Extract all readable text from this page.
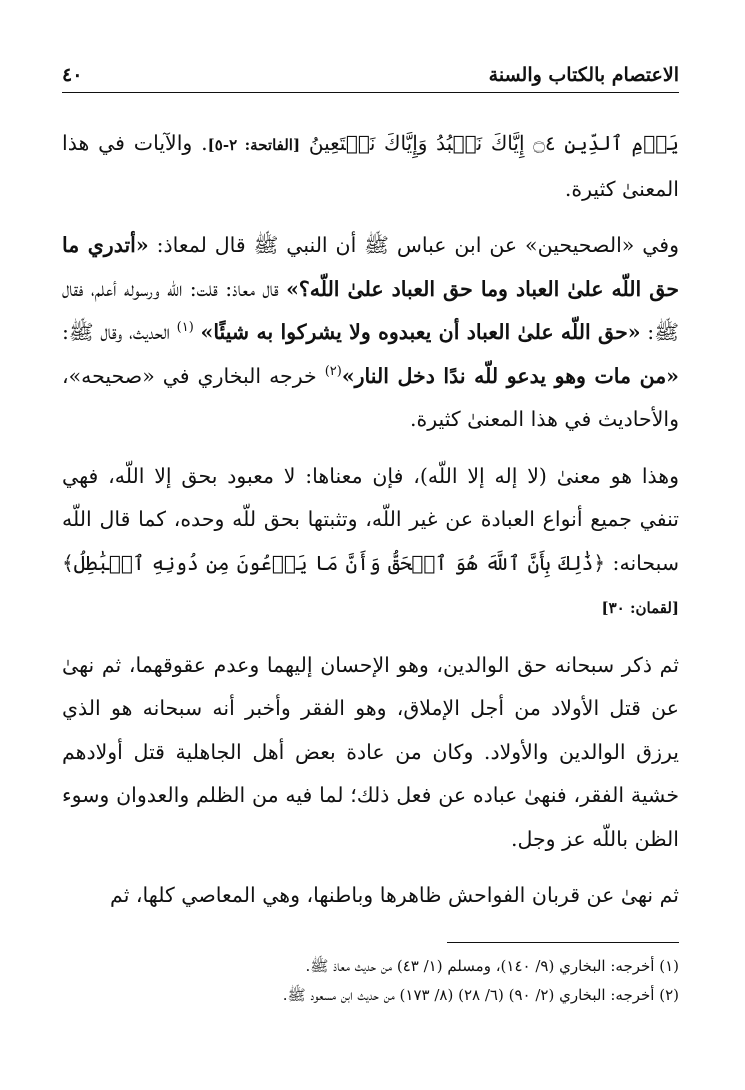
الاعتصام بالكتاب والسنة
٤٠

يَوۡمِ ٱلدِّينِ ۝٤ إِيَّاكَ نَعۡبُدُ وَإِيَّاكَ نَسۡتَعِينُ [الفاتحة: ٢-٥]. والآيات في هذا المعنىٰ كثيرة.

وفي «الصحيحين» عن ابن عباس ﷺ أن النبي ﷺ قال لمعاذ: «أتدري ما حق اللّه علىٰ العباد وما حق العباد علىٰ اللّه؟» قال معاذ: قلت: اللّه ورسوله أعلم، فقال ﷺ: «حق اللّه علىٰ العباد أن يعبدوه ولا يشركوا به شيئًا» $^{(١)}$ الحديث، وقال ﷺ: «من مات وهو يدعو للّه ندًا دخل النار»$^{(٢)}$ خرجه البخاري في «صحيحه»، والأحاديث في هذا المعنىٰ كثيرة.

وهذا هو معنىٰ (لا إله إلا اللّه)، فإن معناها: لا معبود بحق إلا اللّه، فهي تنفي جميع أنواع العبادة عن غير اللّه، وتثبتها بحق للّه وحده، كما قال اللّه سبحانه: ﴿ذَٰلِكَ بِأَنَّ ٱللَّهَ هُوَ ٱلۡحَقُّ وَأَنَّ مَا يَدۡعُونَ مِن دُونِهِ ٱلۡبَٰطِلُ﴾ [لقمان: ٣٠]

ثم ذكر سبحانه حق الوالدين، وهو الإحسان إليهما وعدم عقوقهما، ثم نهىٰ عن قتل الأولاد من أجل الإملاق، وهو الفقر وأخبر أنه سبحانه هو الذي يرزق الوالدين والأولاد. وكان من عادة بعض أهل الجاهلية قتل أولادهم خشية الفقر، فنهىٰ عباده عن فعل ذلك؛ لما فيه من الظلم والعدوان وسوء الظن باللّه عز وجل.

ثم نهىٰ عن قربان الفواحش ظاهرها وباطنها، وهي المعاصي كلها، ثم

(١) أخرجه: البخاري (٩/ ١٤٠)، ومسلم (١/ ٤٣) من حديث معاذ ﷺ.
(٢) أخرجه: البخاري (٢/ ٩٠) (٦/ ٢٨) (٨/ ١٧٣) من حديث ابن مسعود ﷺ.
